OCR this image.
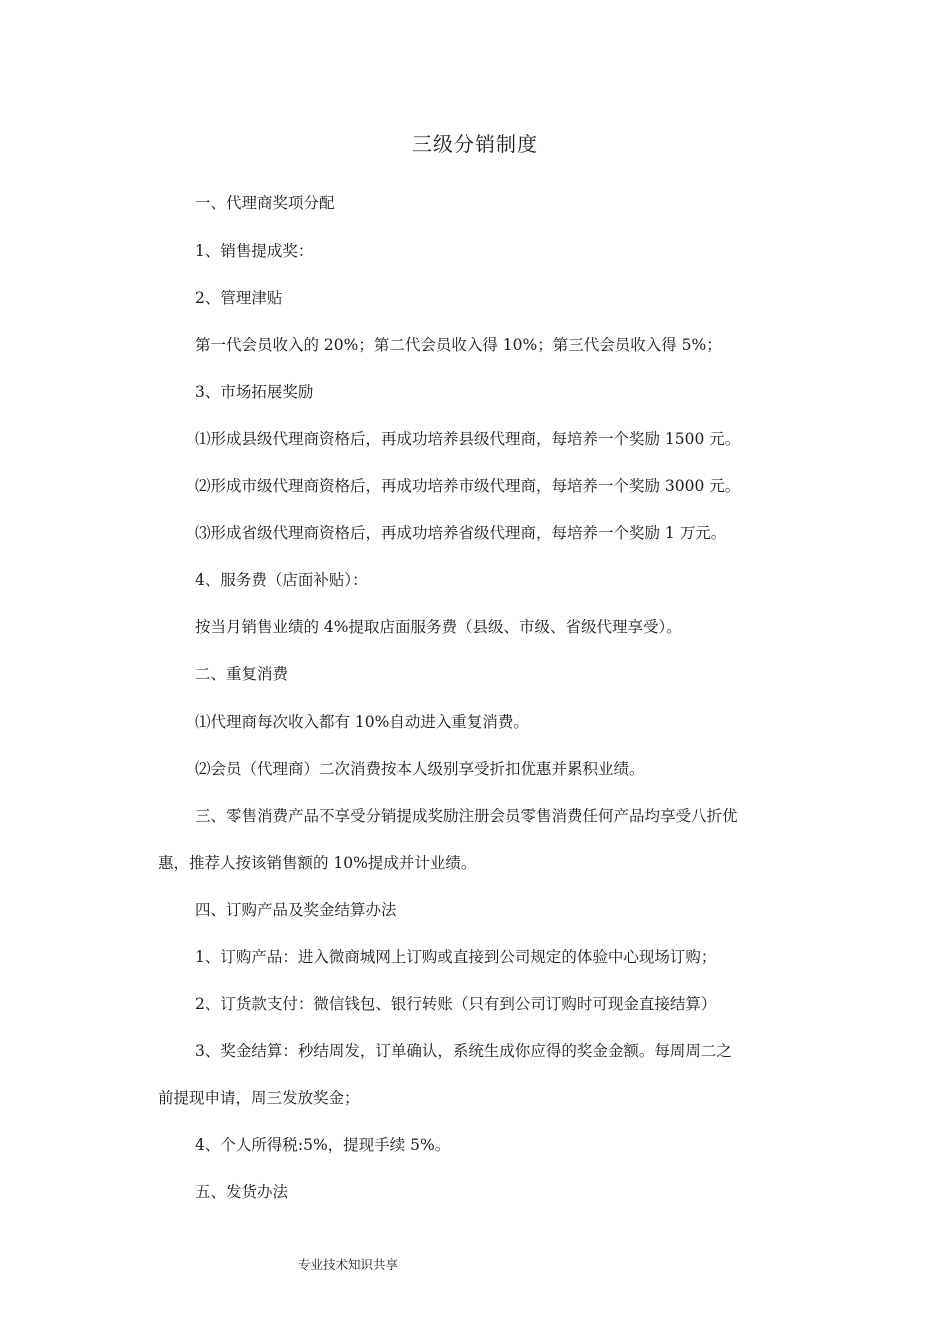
三级分销制度
一、代理商奖项分配
1、销售提成奖：
2、管理津贴
第一代会员收入的 20%；第二代会员收入得 10%；第三代会员收入得 5%；
3、市场拓展奖励
⑴形成县级代理商资格后，再成功培养县级代理商，每培养一个奖励 1500 元。
⑵形成市级代理商资格后，再成功培养市级代理商，每培养一个奖励 3000 元。
⑶形成省级代理商资格后，再成功培养省级代理商，每培养一个奖励 1 万元。
4、服务费（店面补贴）：
按当月销售业绩的 4%提取店面服务费（县级、市级、省级代理享受）。
二、重复消费
⑴代理商每次收入都有 10%自动进入重复消费。
⑵会员（代理商）二次消费按本人级别享受折扣优惠并累积业绩。
三、零售消费产品不享受分销提成奖励注册会员零售消费任何产品均享受八折优
惠，推荐人按该销售额的 10%提成并计业绩。
四、订购产品及奖金结算办法
1、订购产品：进入微商城网上订购或直接到公司规定的体验中心现场订购；
2、订货款支付：微信钱包、银行转账（只有到公司订购时可现金直接结算）
3、奖金结算：秒结周发，订单确认，系统生成你应得的奖金金额。每周周二之
前提现申请，周三发放奖金；
4、个人所得税:5%，提现手续 5%。
五、发货办法
专业技术知识共享
